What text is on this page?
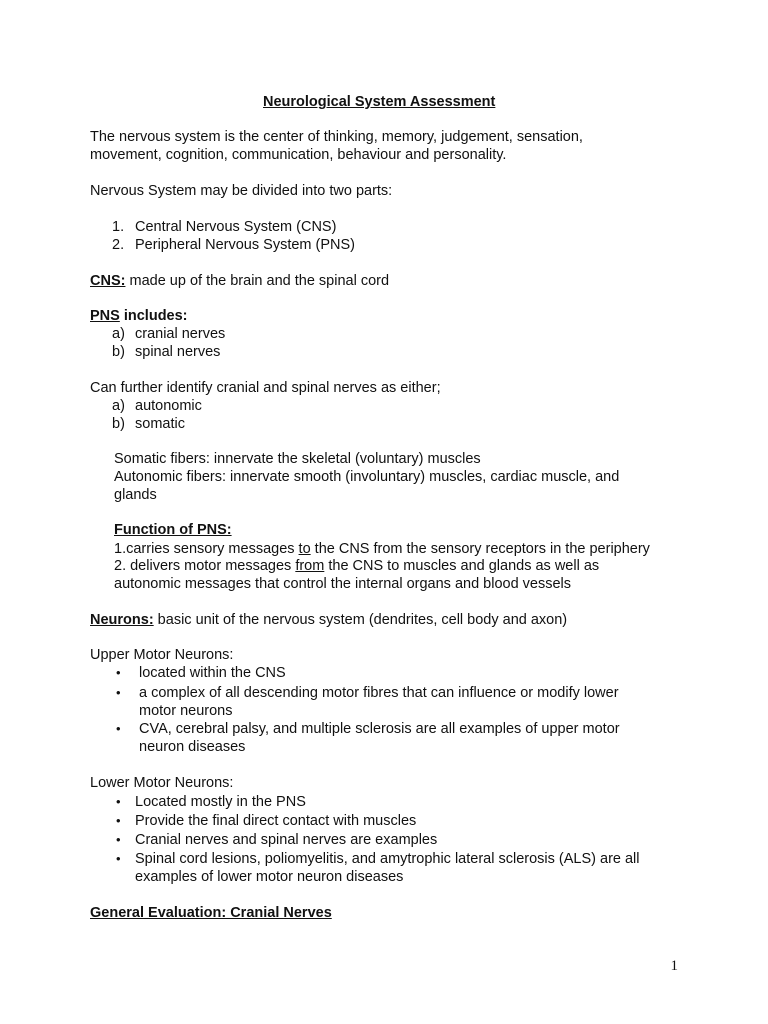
Neurological System Assessment
The nervous system is the center of thinking, memory, judgement, sensation,
movement, cognition, communication, behaviour and personality.
Nervous System may be divided into two parts:
1. Central Nervous System (CNS)
2. Peripheral Nervous System (PNS)
CNS: made up of the brain and the spinal cord
PNS includes:
a) cranial nerves
b) spinal nerves
Can further identify cranial and spinal nerves as either;
a) autonomic
b) somatic
Somatic fibers: innervate the skeletal (voluntary) muscles
Autonomic fibers: innervate smooth (involuntary) muscles, cardiac muscle, and
glands
Function of PNS:
1.carries sensory messages to the CNS from the sensory receptors in the periphery
2. delivers motor messages from the CNS to muscles and glands as well as
autonomic messages that control the internal organs and blood vessels
Neurons: basic unit of the nervous system (dendrites, cell body and axon)
Upper Motor Neurons:
• located within the CNS
• a complex of all descending motor fibres that can influence or modify lower
motor neurons
• CVA, cerebral palsy, and multiple sclerosis are all examples of upper motor
neuron diseases
Lower Motor Neurons:
• Located mostly in the PNS
• Provide the final direct contact with muscles
• Cranial nerves and spinal nerves are examples
• Spinal cord lesions, poliomyelitis, and amytrophic lateral sclerosis (ALS) are all
examples of lower motor neuron diseases
General Evaluation: Cranial Nerves
1
